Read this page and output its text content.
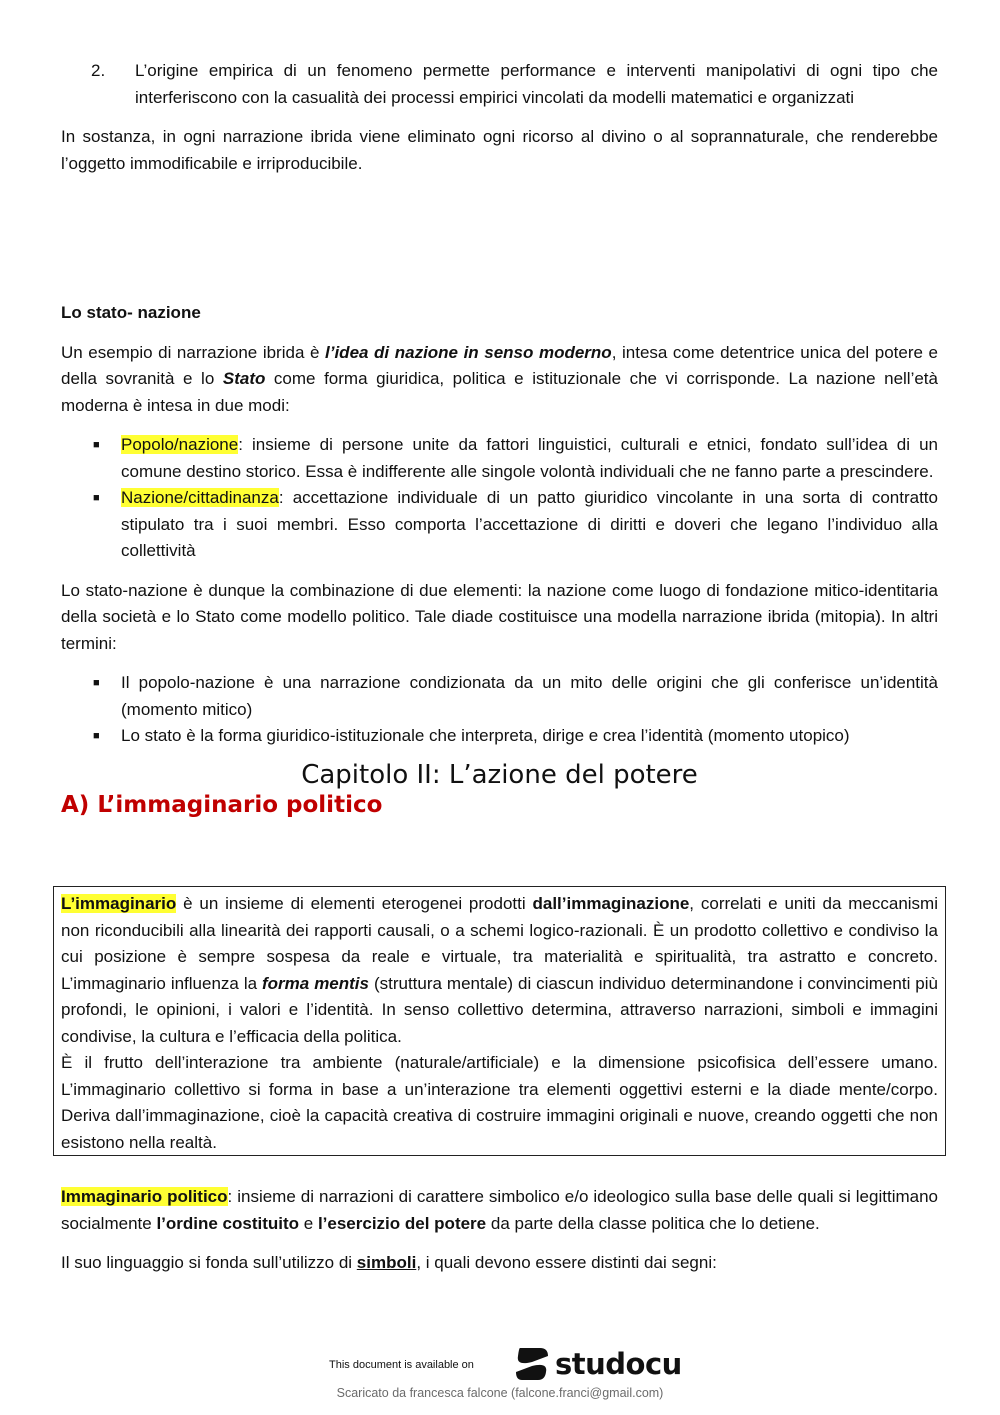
2.	L’origine empirica di un fenomeno permette performance e interventi manipolativi di ogni tipo che interferiscono con la casualità dei processi empirici vincolati da modelli matematici e organizzati

In sostanza, in ogni narrazione ibrida viene eliminato ogni ricorso al divino o al soprannaturale, che renderebbe l’oggetto immodificabile e irriproducibile.

Lo stato- nazione

Un esempio di narrazione ibrida è l’idea di nazione in senso moderno, intesa come detentrice unica del potere e della sovranità e lo Stato come forma giuridica, politica e istituzionale che vi corrisponde. La nazione nell’età moderna è intesa in due modi:

■ Popolo/nazione: insieme di persone unite da fattori linguistici, culturali e etnici, fondato sull’idea di un comune destino storico. Essa è indifferente alle singole volontà individuali che ne fanno parte a prescindere.
■ Nazione/cittadinanza: accettazione individuale di un patto giuridico vincolante in una sorta di contratto stipulato tra i suoi membri. Esso comporta l’accettazione di diritti e doveri che legano l’individuo alla collettività

Lo stato-nazione è dunque la combinazione di due elementi: la nazione come luogo di fondazione mitico-identitaria della società e lo Stato come modello politico. Tale diade costituisce una modella narrazione ibrida (mitopia). In altri termini:

■ Il popolo-nazione è una narrazione condizionata da un mito delle origini che gli conferisce un’identità (momento mitico)
■ Lo stato è la forma giuridico-istituzionale che interpreta, dirige e crea l’identità (momento utopico)

Capitolo II: L’azione del potere

A) L’immaginario politico

L’immaginario è un insieme di elementi eterogenei prodotti dall’immaginazione, correlati e uniti da meccanismi non riconducibili alla linearità dei rapporti causali, o a schemi logico-razionali. È un prodotto collettivo e condiviso la cui posizione è sempre sospesa da reale e virtuale, tra materialità e spiritualità, tra astratto e concreto. L’immaginario influenza la forma mentis (struttura mentale) di ciascun individuo determinandone i convincimenti più profondi, le opinioni, i valori e l’identità. In senso collettivo determina, attraverso narrazioni, simboli e immagini condivise, la cultura e l’efficacia della politica.

È il frutto dell’interazione tra ambiente (naturale/artificiale) e la dimensione psicofisica dell’essere umano. L’immaginario collettivo si forma in base a un’interazione tra elementi oggettivi esterni e la diade mente/corpo. Deriva dall’immaginazione, cioè la capacità creativa di costruire immagini originali e nuove, creando oggetti che non esistono nella realtà.

Immaginario politico: insieme di narrazioni di carattere simbolico e/o ideologico sulla base delle quali si legittimano socialmente l’ordine costituito e l’esercizio del potere da parte della classe politica che lo detiene.

Il suo linguaggio si fonda sull’utilizzo di simboli, i quali devono essere distinti dai segni:

This document is available on	studocu
Scaricato da francesca falcone (falcone.franci@gmail.com)
